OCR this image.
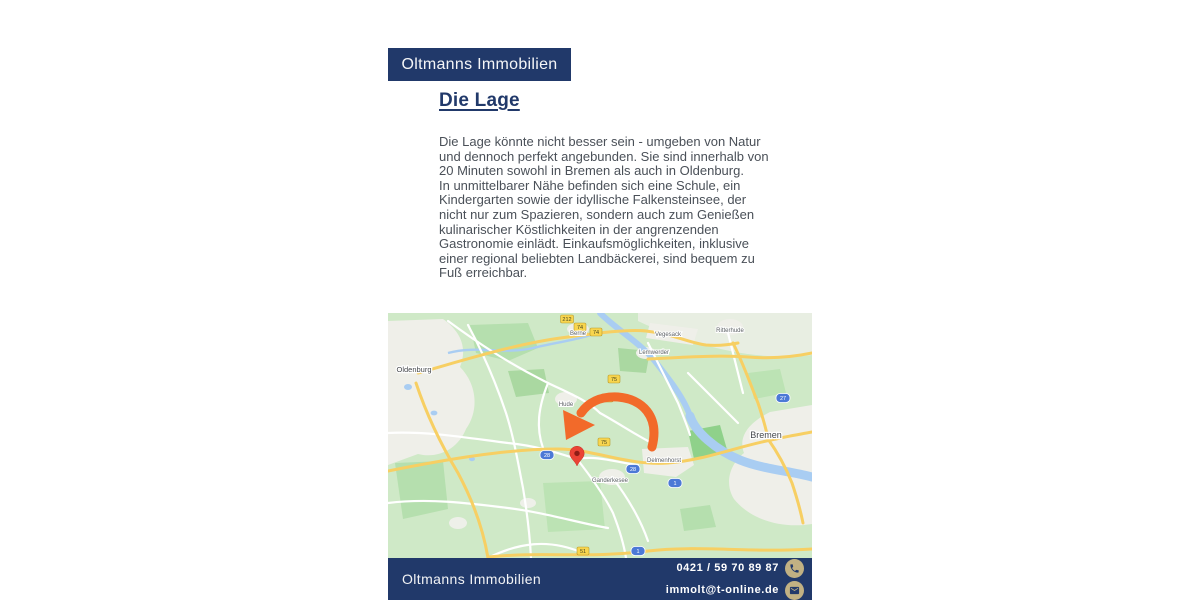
Oltmanns Immobilien
Die Lage

Die Lage könnte nicht besser sein - umgeben von Natur und dennoch perfekt angebunden. Sie sind innerhalb von 20 Minuten sowohl in Bremen als auch in Oldenburg.

In unmittelbarer Nähe befinden sich eine Schule, ein Kindergarten sowie der idyllische Falkensteinsee, der nicht nur zum Spazieren, sondern auch zum Genießen kulinarischer Köstlichkeiten in der angrenzenden Gastronomie einlädt. Einkaufsmöglichkeiten, inklusive einer regional beliebten Landbäckerei, sind bequem zu Fuß erreichbar.

212
74
74
75
75
75
51
28
28
1
1
27
Oldenburg
Bremen
Delmenhorst
Ganderkesee
Hude
Berne	Ritterhude
Vegesack
Lemwerder
Oltmanns Immobilien
0421 / 59 70 89 87
immolt@t-online.de
